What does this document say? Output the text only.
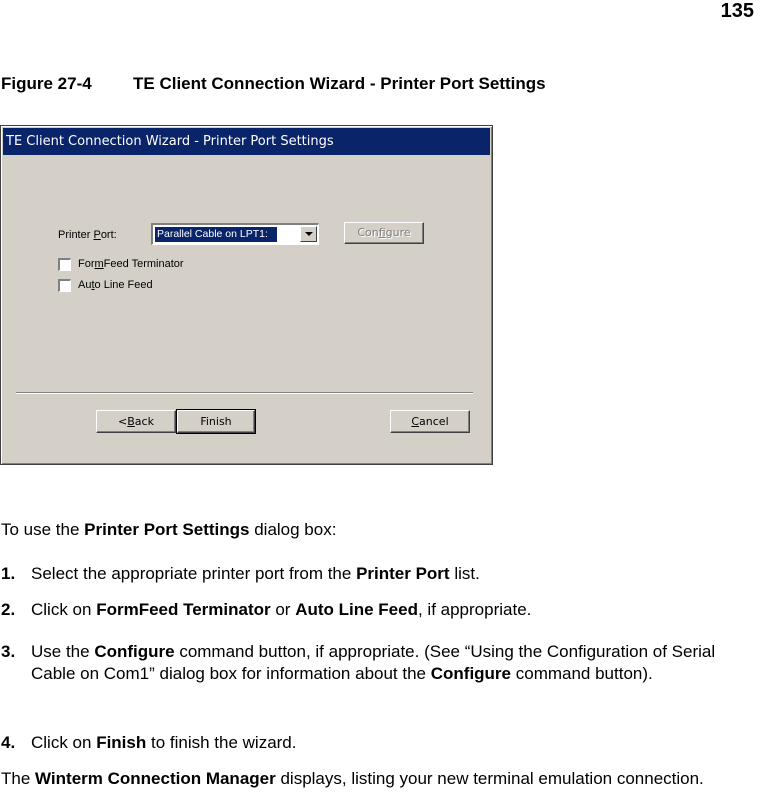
135
Figure 27-4 TE Client Connection Wizard - Printer Port Settings
TE Client Connection Wizard - Printer Port Settings
Printer Port:	Parallel Cable on LPT1:	Configure
FormFeed Terminator
Auto Line Feed
<Back	Finish	Cancel
To use the Printer Port Settings dialog box:
1. Select the appropriate printer port from the Printer Port list.
2. Click on FormFeed Terminator or Auto Line Feed, if appropriate.
3. Use the Configure command button, if appropriate. (See “Using the Configuration of Serial Cable on Com1” dialog box for information about the Configure command button).
4. Click on Finish to finish the wizard.
The Winterm Connection Manager displays, listing your new terminal emulation connection.
